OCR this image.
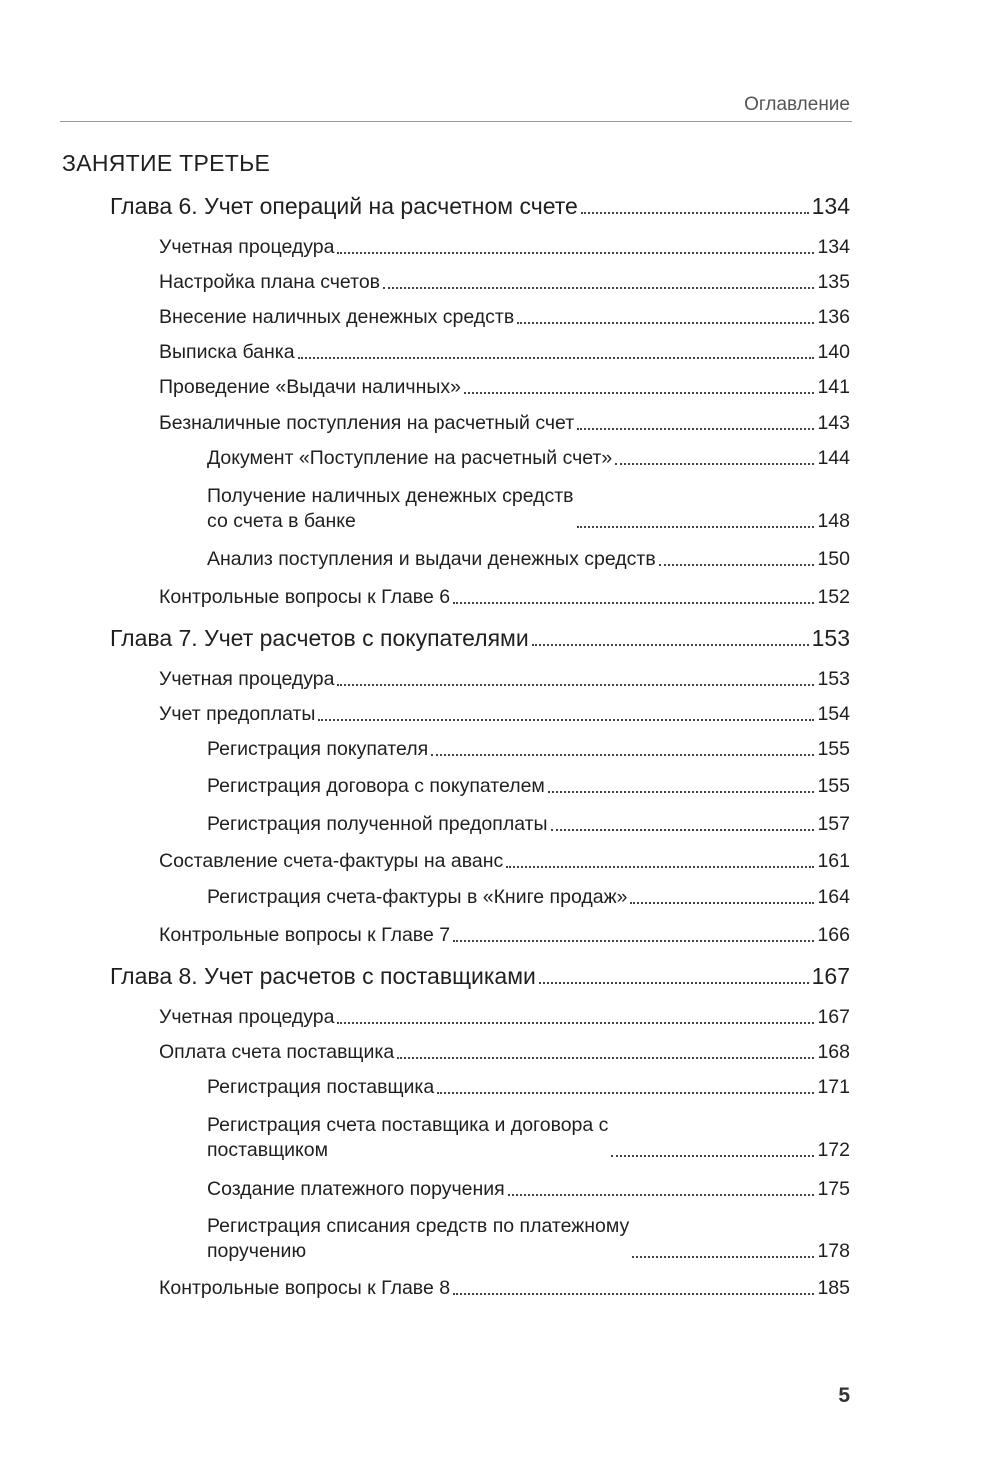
Оглавление
ЗАНЯТИЕ ТРЕТЬЕ
Глава 6. Учет операций на расчетном счете	134
Учетная процедура	134
Настройка плана счетов	135
Внесение наличных денежных средств	136
Выписка банка	140
Проведение «Выдачи наличных»	141
Безналичные поступления на расчетный счет	143
Документ «Поступление на расчетный счет»	144
Получение наличных денежных средств
со счета в банке	148
Анализ поступления и выдачи денежных средств	150
Контрольные вопросы к Главе 6	152
Глава 7. Учет расчетов с покупателями	153
Учетная процедура	153
Учет предоплаты	154
Регистрация покупателя	155
Регистрация договора с покупателем	155
Регистрация полученной предоплаты	157
Составление счета-фактуры на аванс	161
Регистрация счета-фактуры в «Книге продаж»	164
Контрольные вопросы к Главе 7	166
Глава 8. Учет расчетов с поставщиками	167
Учетная процедура	167
Оплата счета поставщика	168
Регистрация поставщика	171
Регистрация счета поставщика и договора с
поставщиком	172
Создание платежного поручения	175
Регистрация списания средств по платежному
поручению	178
Контрольные вопросы к Главе 8	185
5
